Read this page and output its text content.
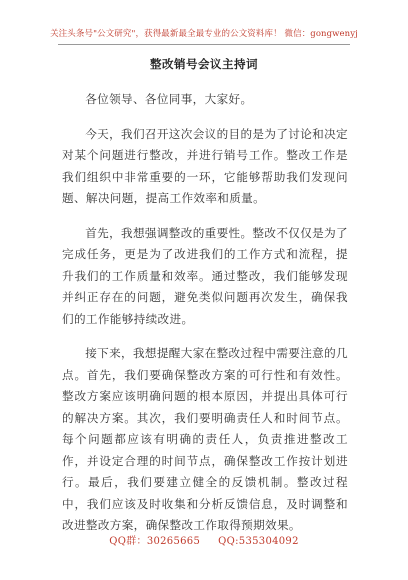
关注头条号"公文研究"，获得最新最全最专业的公文资料库！ 微信：gongwenyj
整改销号会议主持词

各位领导、各位同事，大家好。

今天，我们召开这次会议的目的是为了讨论和决定对某个问题进行整改，并进行销号工作。整改工作是我们组织中非常重要的一环，它能够帮助我们发现问题、解决问题，提高工作效率和质量。

首先，我想强调整改的重要性。整改不仅仅是为了完成任务，更是为了改进我们的工作方式和流程，提升我们的工作质量和效率。通过整改，我们能够发现并纠正存在的问题，避免类似问题再次发生，确保我们的工作能够持续改进。

接下来，我想提醒大家在整改过程中需要注意的几点。首先，我们要确保整改方案的可行性和有效性。整改方案应该明确问题的根本原因，并提出具体可行的解决方案。其次，我们要明确责任人和时间节点。每个问题都应该有明确的责任人，负责推进整改工作，并设定合理的时间节点，确保整改工作按计划进行。最后，我们要建立健全的反馈机制。整改过程中，我们应该及时收集和分析反馈信息，及时调整和改进整改方案，确保整改工作取得预期效果。

QQ群：30265665 QQ:535304092
